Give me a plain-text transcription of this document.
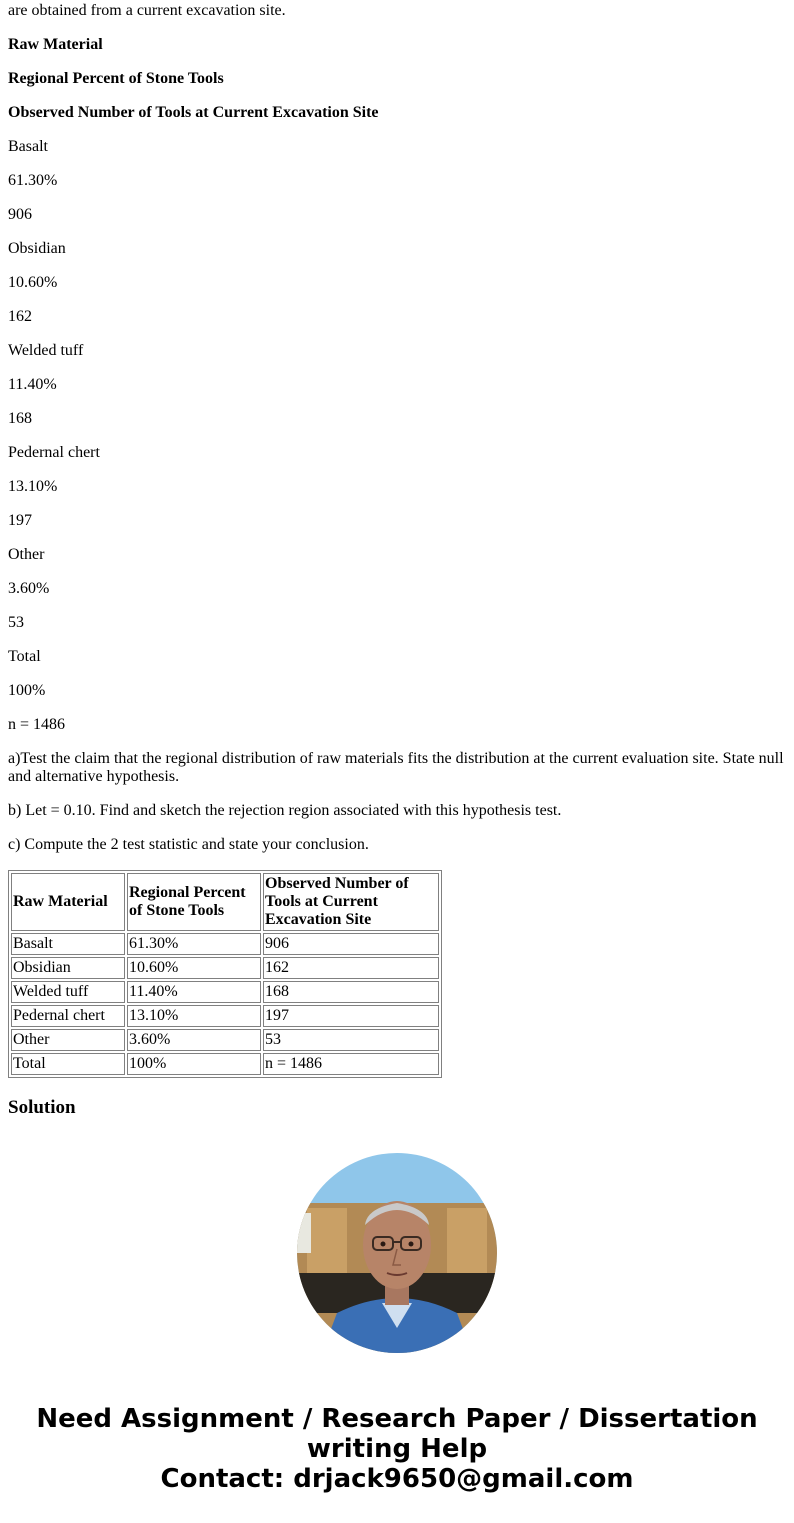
are obtained from a current excavation site.
Raw Material
Regional Percent of Stone Tools
Observed Number of Tools at Current Excavation Site
Basalt
61.30%
906
Obsidian
10.60%
162
Welded tuff
11.40%
168
Pedernal chert
13.10%
197
Other
3.60%
53
Total
100%
n = 1486
a)Test the claim that the regional distribution of raw materials fits the distribution at the current evaluation site. State null and alternative hypothesis.
b) Let = 0.10. Find and sketch the rejection region associated with this hypothesis test.
c) Compute the 2 test statistic and state your conclusion.
Raw Material	Regional Percent of Stone Tools	Observed Number of Tools at Current Excavation Site
Basalt	61.30%	906
Obsidian	10.60%	162
Welded tuff	11.40%	168
Pedernal chert	13.10%	197
Other	3.60%	53
Total	100%	n = 1486
Solution
Need Assignment / Research Paper / Dissertation
writing Help
Contact: drjack9650@gmail.com
